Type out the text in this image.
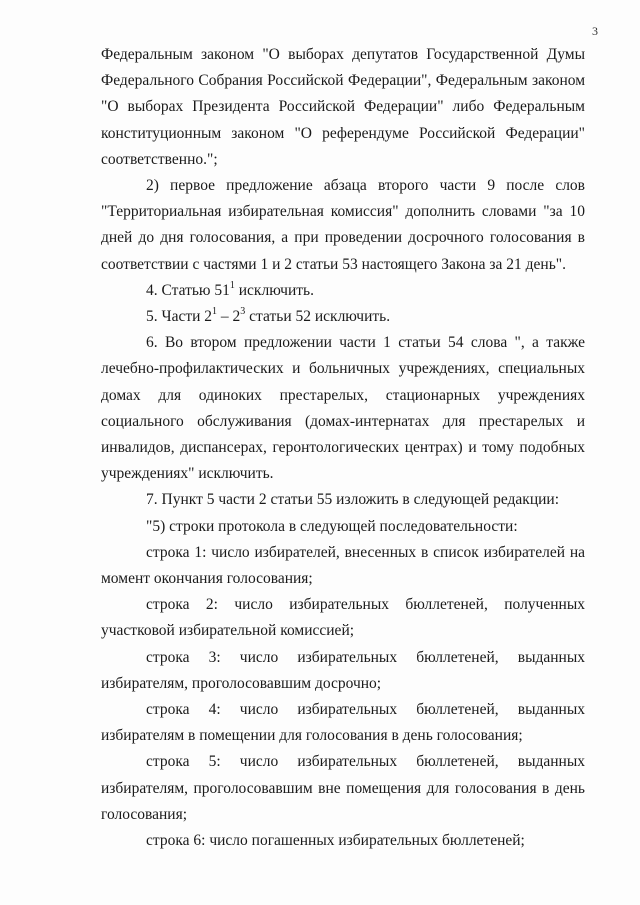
3

Федеральным законом "О выборах депутатов Государственной Думы Федерального Собрания Российской Федерации", Федеральным законом "О выборах Президента Российской Федерации" либо Федеральным конституционным законом "О референдуме Российской Федерации" соответственно.";

2) первое предложение абзаца второго части 9 после слов "Территориальная избирательная комиссия" дополнить словами "за 10 дней до дня голосования, а при проведении досрочного голосования в соответствии с частями 1 и 2 статьи 53 настоящего Закона за 21 день".

4. Статью $51^1$ исключить.

5. Части $2^1 - 2^3$ статьи 52 исключить.

6. Во втором предложении части 1 статьи 54 слова ", а также лечебно-профилактических и больничных учреждениях, специальных домах для одиноких престарелых, стационарных учреждениях социального обслуживания (домах-интернатах для престарелых и инвалидов, диспансерах, геронтологических центрах) и тому подобных учреждениях" исключить.

7. Пункт 5 части 2 статьи 55 изложить в следующей редакции:

"5) строки протокола в следующей последовательности:

строка 1: число избирателей, внесенных в список избирателей на момент окончания голосования;

строка 2: число избирательных бюллетеней, полученных участковой избирательной комиссией;

строка 3: число избирательных бюллетеней, выданных избирателям, проголосовавшим досрочно;

строка 4: число избирательных бюллетеней, выданных избирателям в помещении для голосования в день голосования;

строка 5: число избирательных бюллетеней, выданных избирателям, проголосовавшим вне помещения для голосования в день голосования;

строка 6: число погашенных избирательных бюллетеней;
